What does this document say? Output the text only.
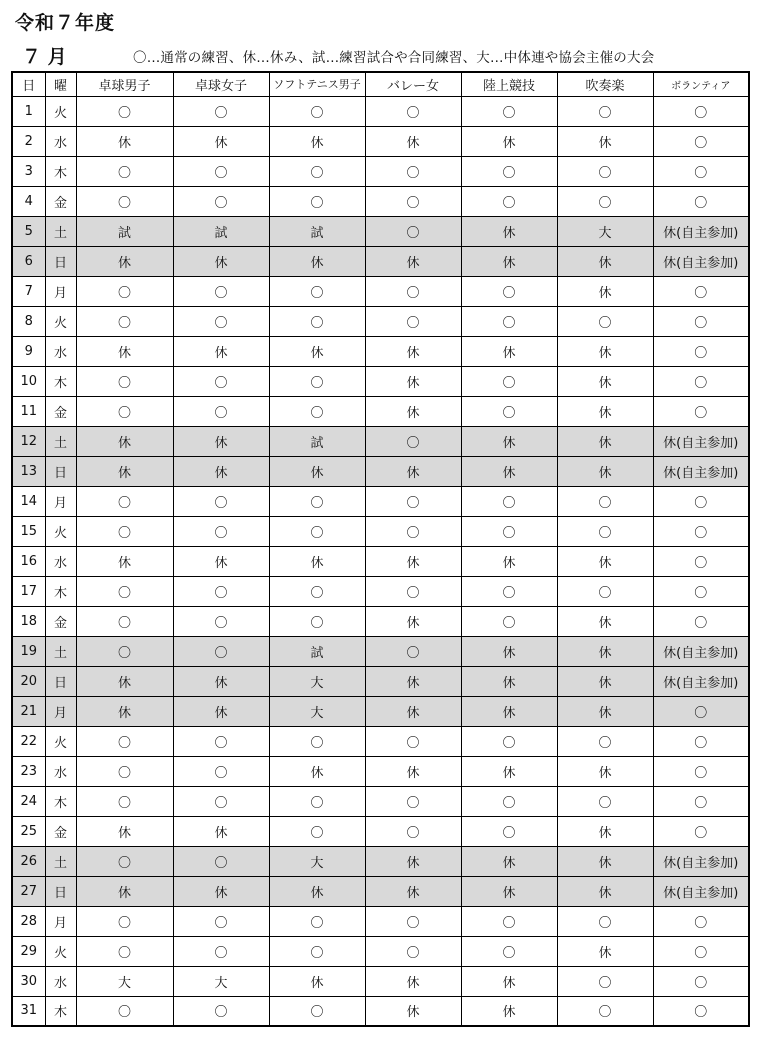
令和７年度
７ 月	〇…通常の練習、休…休み、試…練習試合や合同練習、大…中体連や協会主催の大会
日	曜	卓球男子	卓球女子	ソフトテニス男子	バレー女	陸上競技	吹奏楽	ボランティア
1	火	〇	〇	〇	〇	〇	〇	〇
2	水	休	休	休	休	休	休	〇
3	木	〇	〇	〇	〇	〇	〇	〇
4	金	〇	〇	〇	〇	〇	〇	〇
5	土	試	試	試	〇	休	大	休(自主参加)
6	日	休	休	休	休	休	休	休(自主参加)
7	月	〇	〇	〇	〇	〇	休	〇
8	火	〇	〇	〇	〇	〇	〇	〇
9	水	休	休	休	休	休	休	〇
10	木	〇	〇	〇	休	〇	休	〇
11	金	〇	〇	〇	休	〇	休	〇
12	土	休	休	試	〇	休	休	休(自主参加)
13	日	休	休	休	休	休	休	休(自主参加)
14	月	〇	〇	〇	〇	〇	〇	〇
15	火	〇	〇	〇	〇	〇	〇	〇
16	水	休	休	休	休	休	休	〇
17	木	〇	〇	〇	〇	〇	〇	〇
18	金	〇	〇	〇	休	〇	休	〇
19	土	〇	〇	試	〇	休	休	休(自主参加)
20	日	休	休	大	休	休	休	休(自主参加)
21	月	休	休	大	休	休	休	〇
22	火	〇	〇	〇	〇	〇	〇	〇
23	水	〇	〇	休	休	休	休	〇
24	木	〇	〇	〇	〇	〇	〇	〇
25	金	休	休	〇	〇	〇	休	〇
26	土	〇	〇	大	休	休	休	休(自主参加)
27	日	休	休	休	休	休	休	休(自主参加)
28	月	〇	〇	〇	〇	〇	〇	〇
29	火	〇	〇	〇	〇	〇	休	〇
30	水	大	大	休	休	休	〇	〇
31	木	〇	〇	〇	休	休	〇	〇
